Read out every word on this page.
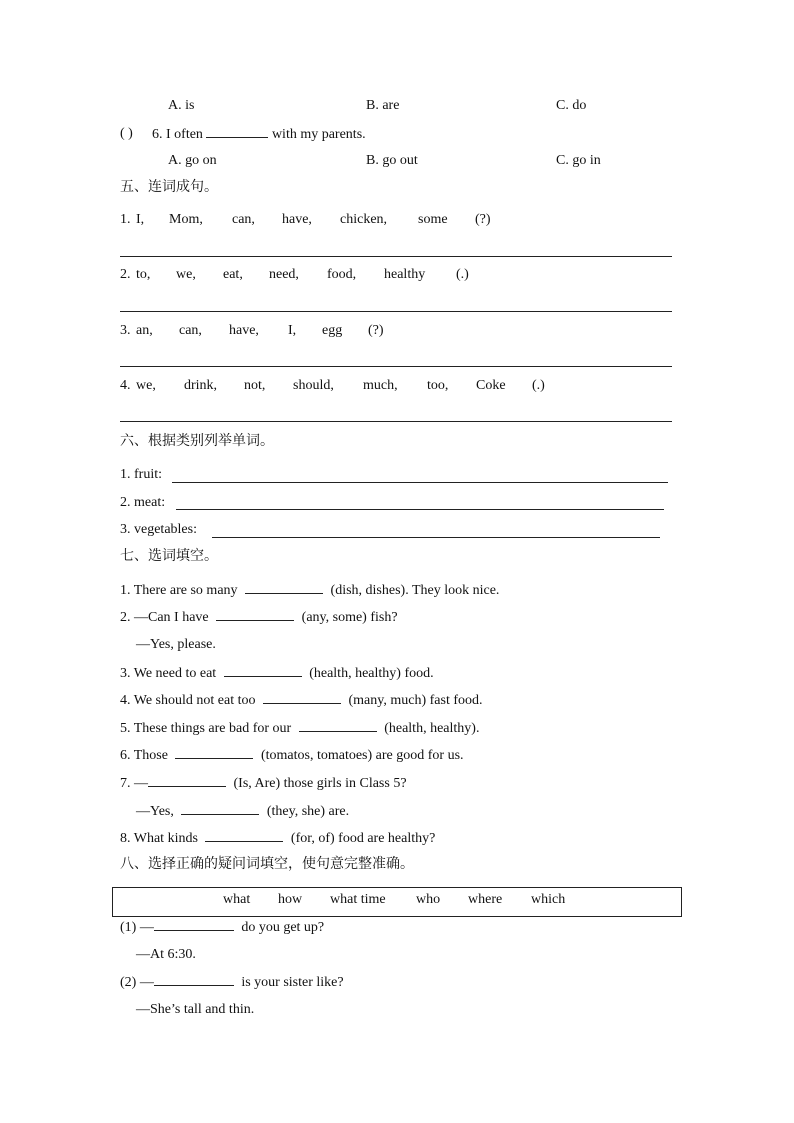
A. is	B. are	C. do
( ) 6. I often	with my parents.
A. go on	B. go out	C. go in
五、连词成句。
1. I, Mom, can, have, chicken, some (?)
2. to, we, eat, need, food, healthy (.)
3. an, can, have, I, egg (?)
4. we, drink, not, should, much, too, Coke (.)
六、根据类别列举单词。
1. fruit:
2. meat:
3. vegetables:
七、选词填空。
1. There are so many	(dish, dishes). They look nice.
2. —Can I have	(any, some) fish?
—Yes, please.
3. We need to eat	(health, healthy) food.
4. We should not eat too	(many, much) fast food.
5. These things are bad for our	(health, healthy).
6. Those	(tomatos, tomatoes) are good for us.
7. —	(Is, Are) those girls in Class 5?
—Yes,	(they, she) are.
8. What kinds	(for, of) food are healthy?
八、选择正确的疑问词填空，使句意完整准确。
what how what time who where which
(1) —	do you get up?
—At 6:30.
(2) —	is your sister like?
—She’s tall and thin.
